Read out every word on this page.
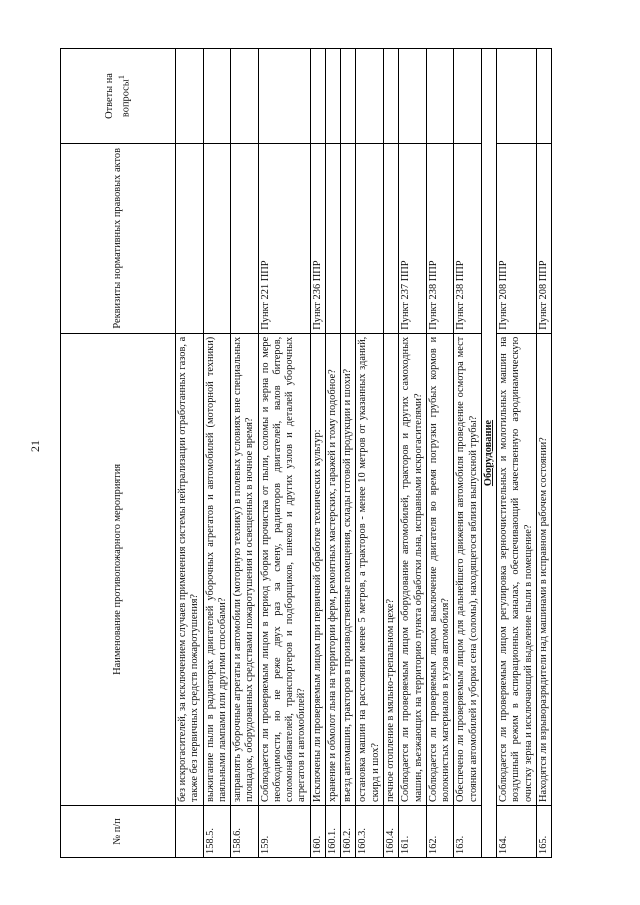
21
№ п/п	Наименование противопожарного мероприятия	Реквизиты нормативных правовых актов	Ответы на вопросы$^1$
	без искрогасителей, за исключением случаев применения системы нейтрализации отработанных газов, а также без первичных средств пожаротушения?		
158.5.	выжигание пыли в радиаторах двигателей уборочных агрегатов и автомобилей (моторной техники) паяльными лампами или другими способами?		
158.6.	заправлять уборочные агрегаты и автомобили (моторную технику) в полевых условиях вне специальных площадок, оборудованных средствами пожаротушения и освещенных в ночное время?		
159.	Соблюдается ли проверяемым лицом в период уборки прочистка от пыли, соломы и зерна по мере необходимости, но не реже двух раз за смену, радиаторов двигателей, валов битеров, соломонабивателей, транспортеров и подборщиков, шнеков и других узлов и деталей уборочных агрегатов и автомобилей?	Пункт 221 ППР	
160.	Исключены ли проверяемым лицом при первичной обработке технических культур:	Пункт 236 ППР	
160.1.	хранение и обмолот льна на территории ферм, ремонтных мастерских, гаражей и тому подобное?		
160.2.	въезд автомашин, тракторов в производственные помещения, склады готовой продукции и шохи?		
160.3.	остановка машин на расстоянии менее 5 метров, а тракторов - менее 10 метров от указанных зданий, скирд и шох?		
160.4.	печное отопление в мяльно-трепальном цехе?		
161.	Соблюдается ли проверяемым лицом оборудование автомобилей, тракторов и других самоходных машин, въезжающих на территорию пункта обработки льна, исправными искрогасителями?	Пункт 237 ППР	
162.	Соблюдается ли проверяемым лицом выключение двигателя во время погрузки грубых кормов и волокнистых материалов в кузов автомобиля?	Пункт 238 ППР	
163.	Обеспечено ли проверяемым лицом для дальнейшего движения автомобиля проведение осмотра мест стоянки автомобилей и уборки сена (соломы), находящегося вблизи выпускной трубы?	Пункт 238 ППР	
Оборудование			
164.	Соблюдается ли проверяемым лицом регулировка зерноочистительных и молотильных машин на воздушный режим в аспирационных каналах, обеспечивающий качественную аэродинамическую очистку зерна и исключающий выделение пыли в помещение?	Пункт 208 ППР	
165.	Находятся ли взрыворазрядители над машинами в исправном рабочем состоянии?	Пункт 208 ППР	
